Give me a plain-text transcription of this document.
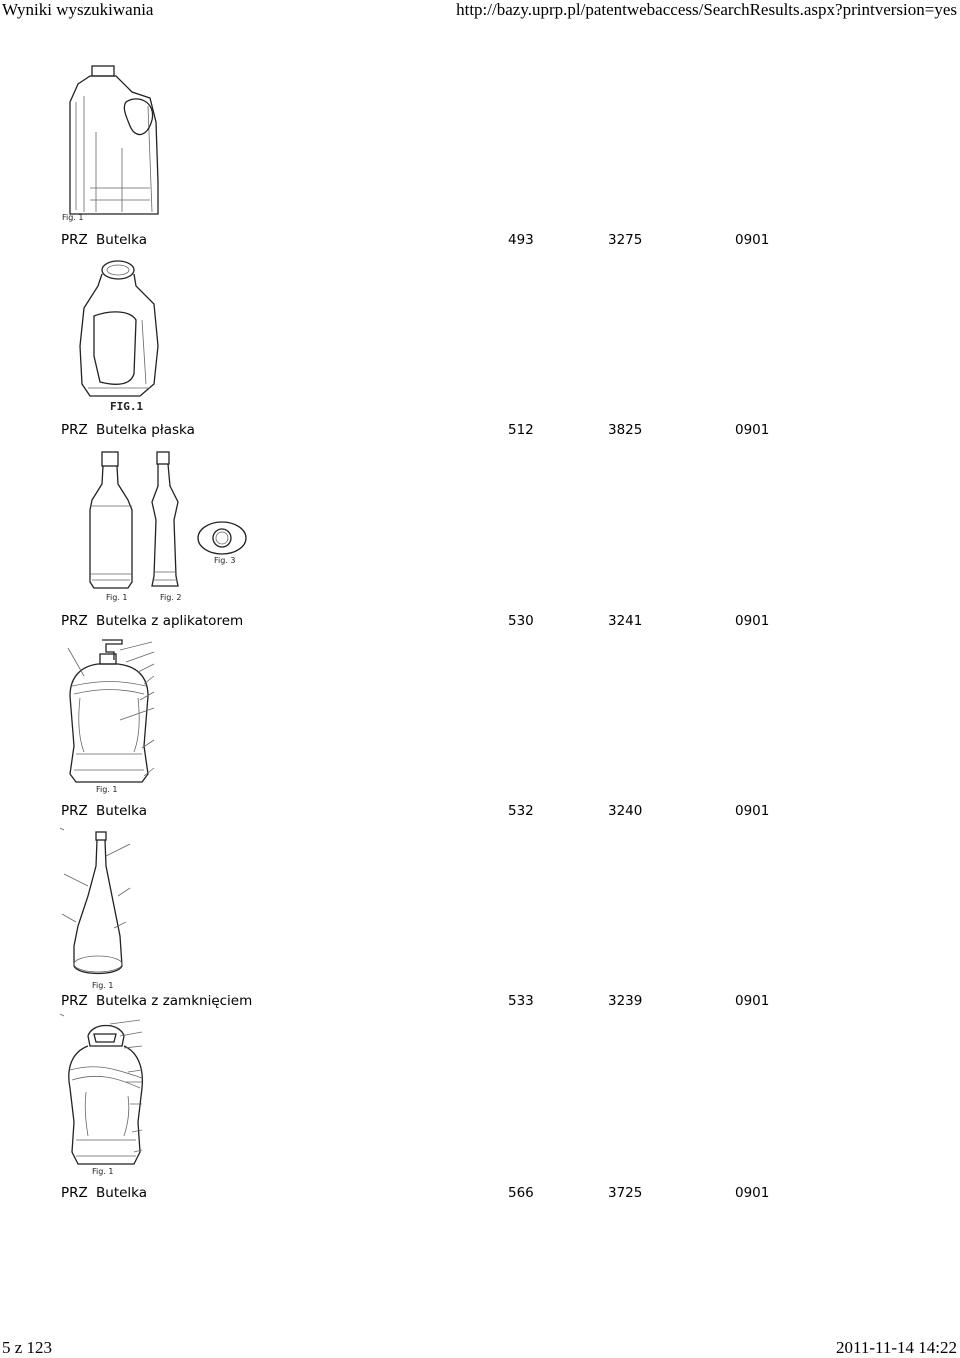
Wyniki wyszukiwania	http://bazy.uprp.pl/patentwebaccess/SearchResults.aspx?printversion=yes
Fig. 1
PRZ Butelka	493	3275	0901
FIG.1
PRZ Butelka płaska	512	3825	0901
Fig. 3
Fig. 1	Fig. 2
PRZ Butelka z aplikatorem	530	3241	0901
Fig. 1
PRZ Butelka	532	3240	0901
Fig. 1
PRZ Butelka z zamknięciem	533	3239	0901
Fig. 1
PRZ Butelka	566	3725	0901
5 z 123	2011-11-14 14:22
